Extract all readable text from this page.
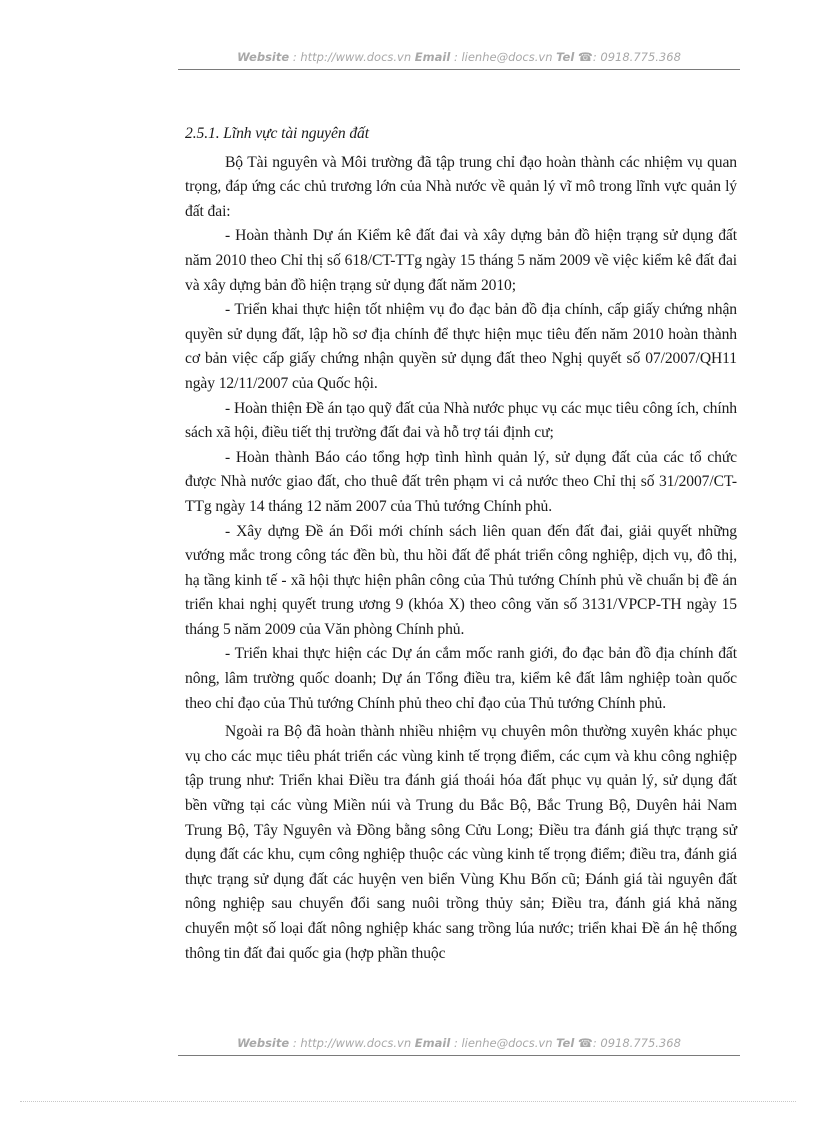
Website : http://www.docs.vn Email : lienhe@docs.vn Tel ☎: 0918.775.368

2.5.1. Lĩnh vực tài nguyên đất

Bộ Tài nguyên và Môi trường đã tập trung chỉ đạo hoàn thành các nhiệm vụ quan trọng, đáp ứng các chủ trương lớn của Nhà nước về quản lý vĩ mô trong lĩnh vực quản lý đất đai:

- Hoàn thành Dự án Kiểm kê đất đai và xây dựng bản đồ hiện trạng sử dụng đất năm 2010 theo Chỉ thị số 618/CT-TTg ngày 15 tháng 5 năm 2009 về việc kiểm kê đất đai và xây dựng bản đồ hiện trạng sử dụng đất năm 2010;

- Triển khai thực hiện tốt nhiệm vụ đo đạc bản đồ địa chính, cấp giấy chứng nhận quyền sử dụng đất, lập hồ sơ địa chính để thực hiện mục tiêu đến năm 2010 hoàn thành cơ bản việc cấp giấy chứng nhận quyền sử dụng đất theo Nghị quyết số 07/2007/QH11 ngày 12/11/2007 của Quốc hội.

- Hoàn thiện Đề án tạo quỹ đất của Nhà nước phục vụ các mục tiêu công ích, chính sách xã hội, điều tiết thị trường đất đai và hỗ trợ tái định cư;

- Hoàn thành Báo cáo tổng hợp tình hình quản lý, sử dụng đất của các tổ chức được Nhà nước giao đất, cho thuê đất trên phạm vi cả nước theo Chỉ thị số 31/2007/CT-TTg ngày 14 tháng 12 năm 2007 của Thủ tướng Chính phủ.

- Xây dựng Đề án Đổi mới chính sách liên quan đến đất đai, giải quyết những vướng mắc trong công tác đền bù, thu hồi đất để phát triển công nghiệp, dịch vụ, đô thị, hạ tầng kinh tế - xã hội thực hiện phân công của Thủ tướng Chính phủ về chuẩn bị đề án triển khai nghị quyết trung ương 9 (khóa X) theo công văn số 3131/VPCP-TH ngày 15 tháng 5 năm 2009 của Văn phòng Chính phủ.

- Triển khai thực hiện các Dự án cắm mốc ranh giới, đo đạc bản đồ địa chính đất nông, lâm trường quốc doanh; Dự án Tổng điều tra, kiểm kê đất lâm nghiệp toàn quốc theo chỉ đạo của Thủ tướng Chính phủ theo chỉ đạo của Thủ tướng Chính phủ.

Ngoài ra Bộ đã hoàn thành nhiều nhiệm vụ chuyên môn thường xuyên khác phục vụ cho các mục tiêu phát triển các vùng kinh tế trọng điểm, các cụm và khu công nghiệp tập trung như: Triển khai Điều tra đánh giá thoái hóa đất phục vụ quản lý, sử dụng đất bền vững tại các vùng Miền núi và Trung du Bắc Bộ, Bắc Trung Bộ, Duyên hải Nam Trung Bộ, Tây Nguyên và Đồng bằng sông Cửu Long; Điều tra đánh giá thực trạng sử dụng đất các khu, cụm công nghiệp thuộc các vùng kinh tế trọng điểm; điều tra, đánh giá thực trạng sử dụng đất các huyện ven biển Vùng Khu Bốn cũ; Đánh giá tài nguyên đất nông nghiệp sau chuyển đổi sang nuôi trồng thủy sản; Điều tra, đánh giá khả năng chuyển một số loại đất nông nghiệp khác sang trồng lúa nước; triển khai Đề án hệ thống thông tin đất đai quốc gia (hợp phần thuộc

Website : http://www.docs.vn Email : lienhe@docs.vn Tel ☎: 0918.775.368
